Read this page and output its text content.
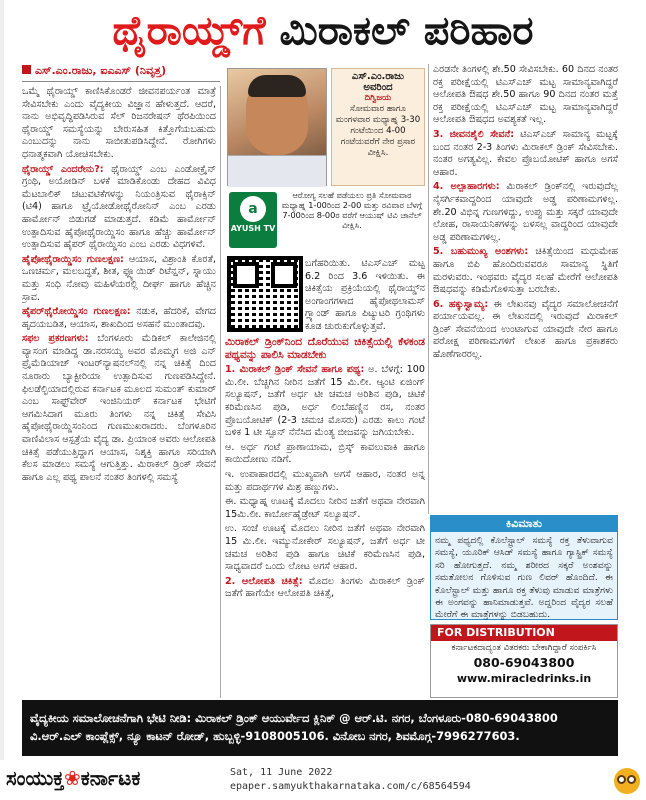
ಥೈರಾಯ್ಡ್‌ಗೆ ಮಿರಾಕಲ್ ಪರಿಹಾರ
ಎಸ್.ಎಂ.ರಾಜು, ಐಎಎಸ್ (ನಿವೃತ್ತ)

ಒಮ್ಮೆ ಥೈರಾಯ್ಡ್ ಕಾಣಿಸಿಕೊಂಡರೆ ಜೀವನಪರ್ಯಂತ ಮಾತ್ರೆ ಸೇವಿಸಬೇಕು ಎಂದು ವೈದ್ಯಕೀಯ ವಿಜ್ಞಾನ ಹೇಳುತ್ತದೆ. ಆದರೆ, ನಾನು ಅಭಿವೃದ್ಧಿಪಡಿಸಿರುವ ಸೆಲ್ ರಿಜನರೇಷನ್ ಥೆರಪಿಯಿಂದ ಥೈರಾಯ್ಡ್ ಸಮಸ್ಯೆಯನ್ನು ಬೇರುಸಹಿತ ಕಿತ್ತೊಗೆಯಬಹುದು ಎಂಬುದನ್ನು ನಾನು ಸಾಬೀತುಪಡಿಸಿದ್ದೇನೆ. ರೋಗಿಗಳು ಧನಾತ್ಮಕವಾಗಿ ಯೋಚಿಸಬೇಕು.

ಥೈರಾಯ್ಡ್ ಎಂದರೇನು?: ಥೈರಾಯ್ಡ್ ಎಂಬ ಎಂಡೋಕ್ರೈನ್ ಗ್ರಂಥಿ, ಅಯೋಡಿನ್ ಬಳಕೆ ಮಾಡಿಕೊಂಡು ದೇಹದ ವಿವಿಧ ಮೆಟಬಾಲಿಕ್ ಚಟುವಟಿಕೆಗಳನ್ನು ನಿಯಂತ್ರಿಸುವ ಥೈರಾಕ್ಸಿನ್ (ಟಿ4) ಹಾಗೂ ಟ್ರೈಯೋಡೋಥೈರೋನಿನ್ ಎಂಬ ಎರಡು ಹಾರ್ಮೋನ್ ಬಿಡುಗಡೆ ಮಾಡುತ್ತದೆ. ಕಡಿಮೆ ಹಾರ್ಮೋನ್ ಉತ್ಪಾದಿಸುವ ಹೈಪೋಥೈರಾಯ್ಡಿಸಂ ಹಾಗೂ ಹೆಚ್ಚು ಹಾರ್ಮೋನ್ ಉತ್ಪಾದಿಸುವ ಹೈಪರ್ ಥೈರಾಯ್ಡಿಸಂ ಎಂಬ ಎರಡು ವಿಧಗಳಿವೆ.

ಹೈಪೋಥೈರಾಯ್ಡಿಸಂ ಗುಣಲಕ್ಷಣ: ಆಯಾಸ, ವಿಶ್ರಾಂತಿ ಕೊರತೆ, ಒಣಚರ್ಮ, ಮಲಬದ್ಧತೆ, ಶೀತ, ಫ್ಲ್ಯೂಯಿಡ್ ರಿಟೆನ್ಷನ್, ಸ್ನಾಯು ಮತ್ತು ಸಂಧಿ ನೋವು ಮಹಿಳೆಯರಲ್ಲಿ ದೀರ್ಘ ಹಾಗೂ ಹೆಚ್ಚಿನ ಸ್ರಾವ.

ಹೈಪರ್‌ಥೈರೋಯ್ಡಿಸಂ ಗುಣಲಕ್ಷಣ: ನಡುಕ, ಹೆದರಿಕೆ, ವೇಗದ ಹೃದಯಬಡಿತ, ಆಯಾಸ, ಶಾಖದಿಂದ ಅಸಹನೆ ಮುಂತಾದವು.

ಸಫಲ ಪ್ರಕರಣಗಳು: ಬೆಂಗಳೂರು ಮೆಡಿಕಲ್ ಕಾಲೇಜಿನಲ್ಲಿ ವ್ಯಾಸಂಗ ಮಾಡಿದ್ದ ಡಾ.ನರಸಯ್ಯ ಅವರ ಮೊಮ್ಮಗ ಅಜಿ ಎನ್ ಪ್ರೈಮೆಡಿಯಾಜ್ ಇಂಟರ್‌ನ್ಯಾಷನಲ್‌ನಲ್ಲಿ ನನ್ನ ಚಿಕಿತ್ಸೆ ದಿಂದ ನೂರಾರು ಬ್ಯಾಕ್ಟೀರಿಯಾ ಉತ್ಪಾದಿಸುವ ಗುಣಪಡಿಸಿದ್ದೇನೆ. ಫಿಲಡೆಲ್ಫಿಯಾದಲ್ಲಿರುವ ಕರ್ನಾಟಕ ಮೂಲದ ಸುಮಂತ್ ಕುಮಾರ್ ಎಂಬ ಸಾಫ್ಟ್‌ವೇರ್ ಇಂಜಿನಿಯರ್ ಕರ್ನಾಟಕ ಭೇಟಿಗೆ ಆಗಮಿಸಿದಾಗ ಮೂರು ತಿಂಗಳು ನನ್ನ ಚಿಕಿತ್ಸೆ ಸೇವಿಸಿ ಹೈಪೋಥೈರಾಯ್ಡಿಸಂನಿಂದ ಗುಣಮುಖರಾದರು. ಬೆಂಗಳೂರಿನ ವಾಣಿವಿಲಾಸ ಆಸ್ಪತ್ರೆಯ ವೈದ್ಯ ಡಾ. ಪ್ರಿಯಾಂಕ ಅವರು ಆಲೋಪತಿ ಚಿಕಿತ್ಸೆ ಪಡೆಯುತ್ತಿದ್ದಾಗ ಆಯಾಸ, ನಿಶ್ಶಕ್ತಿ ಹಾಗೂ ಸರಿಯಾಗಿ ಕೆಲಸ ಮಾಡಲು ಸಮಸ್ಯೆ ಆಗುತ್ತಿತ್ತು. ಮಿರಾಕಲ್ ಡ್ರಿಂಕ್ ಸೇವನೆ ಹಾಗೂ ಎಲ್ಲ ಪಥ್ಯ ಪಾಲನೆ ನಂತರ ತಿಂಗಳಲ್ಲಿ ಸಮಸ್ಯೆ

ಎಸ್.ಎಂ.ರಾಜು
ಅವರಿಂದ
ದಿಗ್ವಿಜಯ
ಸೋಮವಾರ ಹಾಗೂ ಮಂಗಳವಾರ ಮಧ್ಯಾಹ್ನ 3-30 ಗಂಟೆಯಿಂದ 4-00 ಗಂಟೆಯವರೆಗೆ ನೇರ ಪ್ರಸಾರ ವೀಕ್ಷಿಸಿ.
a
AYUSH TV
ಆರೋಗ್ಯ ಸಲಹೆ ಪಡೆಯಲು ಪ್ರತಿ ಸೋಮವಾರ ಮಧ್ಯಾಹ್ನ 1-00ರಿಂದ 2-00 ಮತ್ತು ರವಿವಾರ ಬೆಳಗ್ಗೆ 7-00ರಿಂದ 8-00ರ ವರೆಗೆ ಆಯುಷ್ ಟಿವಿ ಚಾನೆಲ್ ವೀಕ್ಷಿಸಿ.

ಬಗೆಹರಿಯಿತು. ಟಿಎಸ್‌ಎಚ್ ಮಟ್ಟ 6.2 ರಿಂದ 3.6 ಇಳಿಯಿತು. ಈ ಚಿಕಿತ್ಸೆಯ ಪ್ರಕ್ರಿಯೆಯಲ್ಲಿ ಥೈರಾಯ್ಡ್‌ನ ಅಂಗಾಂಗಗಳಾದ ಹೈಪೋಥಲಾಮಸ್ ಗ್ಲ್ಯಾಂಡ್ ಹಾಗೂ ಪಿಟ್ಯುಟರಿ ಗ್ರಂಥಿಗಳು ಕೂಡ ಚುರುಕುಗೊಳ್ಳುತ್ತವೆ.

ಮಿರಾಕಲ್ ಡ್ರಿಂಕ್‌ನಿಂದ ದೊರೆಯುವ ಚಿಕಿತ್ಸೆಯಲ್ಲಿ ಕೆಳಕಂಡ ಪಥ್ಯವನ್ನು ಪಾಲಿಸಿ ಮಾಡಬೇಕು

1. ಮಿರಾಕಲ್ ಡ್ರಿಂಕ್ ಸೇವನೆ ಹಾಗೂ ಪಥ್ಯ: ಅ. ಬೆಳಗ್ಗೆ: 100 ಮಿ.ಲೀ. ಬೆಚ್ಚಗಿನ ನೀರಿನ ಜತೆಗೆ 15 ಮಿ.ಲೀ. ಆ್ಯಂಟಿ ಏಜಿಂಗ್ ಸಲ್ಯೂಷನ್, ಜತೆಗೆ ಅರ್ಧ ಟೀ ಚಮಚ ಅರಿಶಿನ ಪುಡಿ, ಚಿಟಿಕೆ ಕರಿಮೆಣಸಿನ ಪುಡಿ, ಅರ್ಧ ಲಿಂಬೆಹಣ್ಣಿನ ರಸ, ನಂತರ ಪ್ರೊಬಯೋಟಿಕ್ (2-3 ಚಮಚ ಮೊಸರು) ಎರಡು ಕಾಲು ಗಂಟೆ ಬಳಿಕ 1 ಟೀ ಸ್ಪೂನ್ ನೆನೆಸಿದ ಮೆಂತ್ಯ ಬೀಜವನ್ನು ಜಗಿಯಬೇಕು.

ಆ. ಅರ್ಧ ಗಂಟೆ ಪ್ರಾಣಾಯಾಮ, ಬ್ರಿಸ್ಕ್ ಕಾವಲುವಾಕಿ ಹಾಗೂ ಕಾಯಿದೋಣು ನಡಿಗೆ.

ಇ. ಉಪಾಹಾರದಲ್ಲಿ ಮುಖ್ಯವಾಗಿ ಅಗಸೆ ಆಹಾರ, ನಂತರ ಅನ್ನ ಮತ್ತು ಪದಾರ್ಥಗಳ ಮಿಶ್ರ ಹಣ್ಣುಗಳು.

ಈ. ಮಧ್ಯಾಹ್ನ ಊಟಕ್ಕೆ ಮೊದಲು ನೀರಿನ ಜತೆಗೆ ಅಥವಾ ನೇರವಾಗಿ 15ಮಿ.ಲೀ. ಕಾರ್ಬೋಹೈಡ್ರೇಟ್ ಸಲ್ಯೂಷನ್.

ಉ. ಸಂಜೆ ಊಟಕ್ಕೆ ಮೊದಲು ನೀರಿನ ಜತೆಗೆ ಅಥವಾ ನೇರವಾಗಿ 15 ಮಿ.ಲೀ. ಇಮ್ಯುನೋಕೇರ್ ಸಲ್ಯೂಷನ್, ಜತೆಗೆ ಅರ್ಧ ಟೀ ಚಮಚ ಅರಿಶಿನ ಪುಡಿ ಹಾಗೂ ಚಿಟಿಕೆ ಕರಿಮೆಣಸಿನ ಪುಡಿ, ಸಾಧ್ಯವಾದರೆ ಒಂದು ಲೋಟ ಅಗಸೆ ಆಹಾರ.

2. ಆಲೋಪತಿ ಚಿಕಿತ್ಸೆ: ಮೊದಲ ತಿಂಗಳು ಮಿರಾಕಲ್ ಡ್ರಿಂಕ್ ಜತೆಗೆ ಹಾಗೆಯೇ ಆಲೋಪತಿ ಚಿಕಿತ್ಸೆ,

ಎರಡನೇ ತಿಂಗಳಲ್ಲಿ ಶೇ.50 ಸೇವಿಸಬೇಕು. 60 ದಿನದ ನಂತರ ರಕ್ತ ಪರೀಕ್ಷೆಯಲ್ಲಿ ಟಿಎಸ್‌ಎಚ್ ಮಟ್ಟ ಸಾಮಾನ್ಯವಾಗಿದ್ದರೆ ಆಲೋಪತಿ ಔಷಧ ಶೇ.50 ಹಾಗೂ 90 ದಿನದ ನಂತರ ಮತ್ತೆ ರಕ್ತ ಪರೀಕ್ಷೆಯಲ್ಲಿ ಟಿಎಸ್‌ಎಚ್ ಮಟ್ಟ ಸಾಮಾನ್ಯವಾಗಿದ್ದರೆ ಆಲೋಪತಿ ಔಷಧದ ಅವಶ್ಯಕತೆ ಇಲ್ಲ.

3. ಜೀವನಶೈಲಿ ಸೇವನೆ: ಟಿಎಸ್‌ಎಚ್ ಸಾಮಾನ್ಯ ಮಟ್ಟಕ್ಕೆ ಬಂದ ನಂತರ 2-3 ತಿಂಗಳು ಮಿರಾಕಲ್ ಡ್ರಿಂಕ್ ಸೇವಿಸಬೇಕು. ನಂತರ ಅಗತ್ಯವಿಲ್ಲ. ಕೇವಲ ಪ್ರೊಬಯೋಟಿಕ್ ಹಾಗೂ ಅಗಸೆ ಆಹಾರ.

4. ಅಲ್ಪಾಹಾರಗಳು: ಮಿರಾಕಲ್ ಡ್ರಿಂಕ್‌ನಲ್ಲಿ ಇರುವುದೆಲ್ಲ ನೈಸರ್ಗಿಕವಾದ್ದರಿಂದ ಯಾವುದೇ ಅಡ್ಡ ಪರಿಣಾಮಗಳಿಲ್ಲ. ಶೇ.20 ವಿಭಿನ್ನ ಗುಣಗಳಿದ್ದು, ಉಪ್ಪು ಮತ್ತು ಸಕ್ಕರೆ ಯಾವುದೇ ಲೋಹ, ರಾಸಾಯನಿಕಗಳನ್ನು ಬಳಸಲ್ಲ ವಾದ್ದರಿಂದ ಯಾವುದೇ ಅಡ್ಡ ಪರಿಣಾಮಗಳಿಲ್ಲ.

5. ಬಹುಮುಖ್ಯ ಅಂಶಗಳು: ಚಿಕಿತ್ಸೆಯಿಂದ ಮಧುಮೇಹ ಹಾಗೂ ಬಿಪಿ ಹೊಂದಿರುವವರೂ ಸಾಮಾನ್ಯ ಸ್ಥಿತಿಗೆ ಮರಳುವರು. ಇಂಥವರು ವೈದ್ಯರ ಸಲಹೆ ಮೇರೆಗೆ ಆಲೋಪತಿ ಔಷಧವನ್ನು ಕಡಿಮೆಗೊಳಿಸುತ್ತಾ ಬರಬೇಕು.

6. ಹಕ್ಕುಸ್ವಾಮ್ಯ: ಈ ಲೇಖನವು ವೈದ್ಯರ ಸಮಾಲೋಚನೆಗೆ ಪರ್ಯಾಯವಲ್ಲ. ಈ ಲೇಖನದಲ್ಲಿ ಇರುವುದೆ ಮಿರಾಕಲ್ ಡ್ರಿಂಕ್ ಸೇವನೆಯಿಂದ ಉಂಟಾಗುವ ಯಾವುದೇ ನೇರ ಹಾಗೂ ಪರೋಕ್ಷ ಪರಿಣಾಮಗಳಿಗೆ ಲೇಖಕ ಹಾಗೂ ಪ್ರಕಾಶಕರು ಹೊಣೆಗಾರರಲ್ಲ.

ಕಿವಿಮಾತು
ನಮ್ಮ ಪಥ್ಯದಲ್ಲಿ ಕೊಲೆಸ್ಟ್ರಾಲ್ ಸಮಸ್ಯೆ ರಕ್ತ ತೆಳುವಾಗುವ ಸಮಸ್ಯೆ, ಯೂರಿಕ್ ಆಸಿಡ್ ಸಮಸ್ಯೆ ಹಾಗೂ ಗ್ಯಾಸ್ಟ್ರಿಕ್ ಸಮಸ್ಯೆ ಸರಿ ಹೋಗುತ್ತದೆ. ನಮ್ಮ ಶರೀರದ ಸಕ್ಕರೆ ಅಂಶವನ್ನು ಸಮತೋಲನ ಗೊಳಿಸುವ ಗುಣ ಲಿವರ್ ಹೊಂದಿದೆ. ಈ ಕೊಲೆಸ್ಟ್ರಾಲ್ ಮತ್ತು ಹಾಗೂ ರಕ್ತ ತೆಳುವು ಮಾಡುವ ಮಾತ್ರೆಗಳು ಈ ಅಂಗವನ್ನು ಹಾನಿಮಾಡುತ್ತವೆ. ಅದ್ದರಿಂದ ವೈದ್ಯರ ಸಲಹೆ ಮೇರೆಗೆ ಈ ಮಾತ್ರೆಗಳನ್ನು ಬಿಡಬಹುದು.
FOR DISTRIBUTION
ಕರ್ನಾಟಕದಾದ್ಯಂತ ವಿತರಕರು ಬೇಕಾಗಿದ್ದಾರೆ ಸಂಪರ್ಕಿಸಿ
080-69043800
www.miracledrinks.in
ವೈದ್ಯಕೀಯ ಸಮಾಲೋಚನೆಗಾಗಿ ಭೇಟಿ ನೀಡಿ: ಮಿರಾಕಲ್ ಡ್ರಿಂಕ್ ಆಯುರ್ವೇದ ಕ್ಲಿನಿಕ್ @ ಆರ್.ಟಿ. ನಗರ, ಬೆಂಗಳೂರು-080-69043800
ವಿ.ಆರ್.ಎಲ್ ಕಾಂಪ್ಲೆಕ್ಸ್, ನ್ಯೂ ಕಾಟನ್ ರೋಡ್, ಹುಬ್ಬಳ್ಳಿ-9108005106. ವಿನೋಬ ನಗರ, ಶಿವಮೊಗ್ಗ-7996277603.
ಸಂಯುಕ್ತ❀ಕರ್ನಾಟಕ	Sat, 11 June 2022
epaper.samyukthakarnataka.com/c/68564594
